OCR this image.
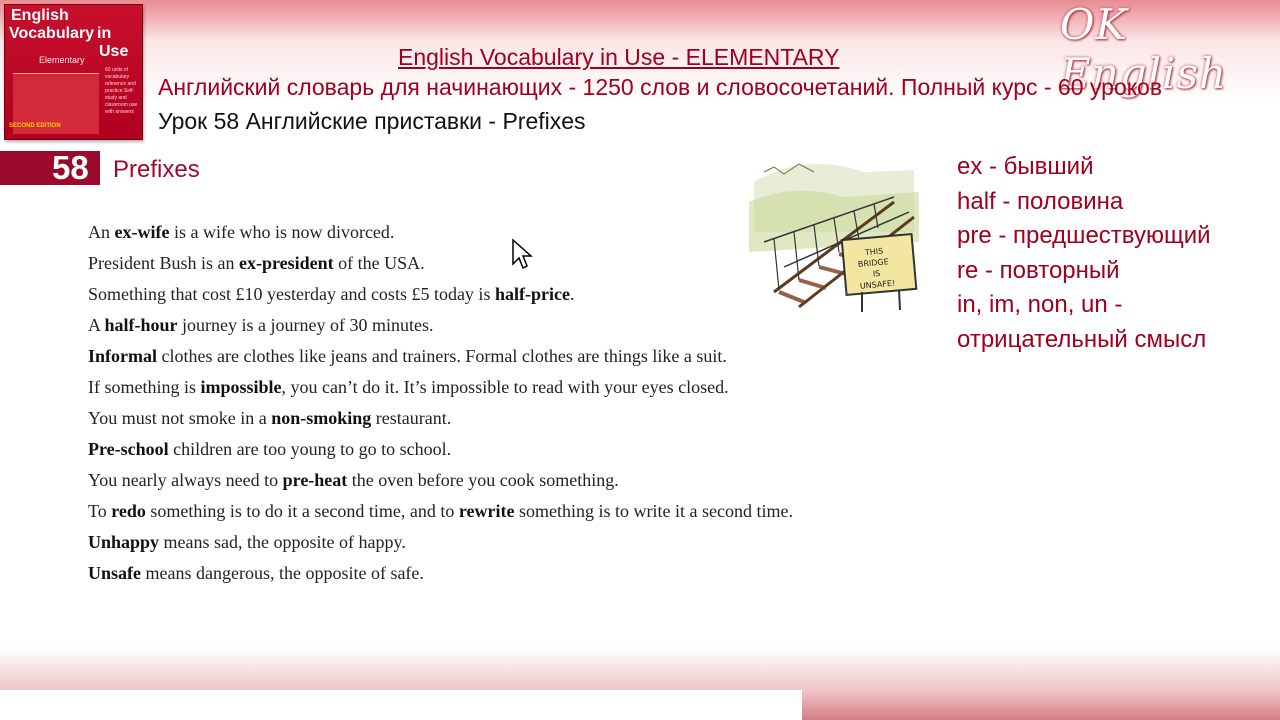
English
Vocabulary in
Use
Elementary
60 units of vocabulary reference and practice Self-study and classroom use with answers
SECOND EDITION
OK English
English Vocabulary in Use - ELEMENTARY
Английский словарь для начинающих - 1250 слов и словосочетаний. Полный курс - 60 уроков
Урок 58 Английские приставки - Prefixes
58 Prefixes
An ex-wife is a wife who is now divorced.
President Bush is an ex-president of the USA.
Something that cost £10 yesterday and costs £5 today is half-price.
A half-hour journey is a journey of 30 minutes.
Informal clothes are clothes like jeans and trainers. Formal clothes are things like a suit.
If something is impossible, you can’t do it. It’s impossible to read with your eyes closed.
You must not smoke in a non-smoking restaurant.
Pre-school children are too young to go to school.
You nearly always need to pre-heat the oven before you cook something.
To redo something is to do it a second time, and to rewrite something is to write it a second time.
Unhappy means sad, the opposite of happy.
Unsafe means dangerous, the opposite of safe.
ex - бывший
half - половина
pre - предшествующий
re - повторный
in, im, non, un -
отрицательный смысл
THIS
BRIDGE
IS
UNSAFE!
